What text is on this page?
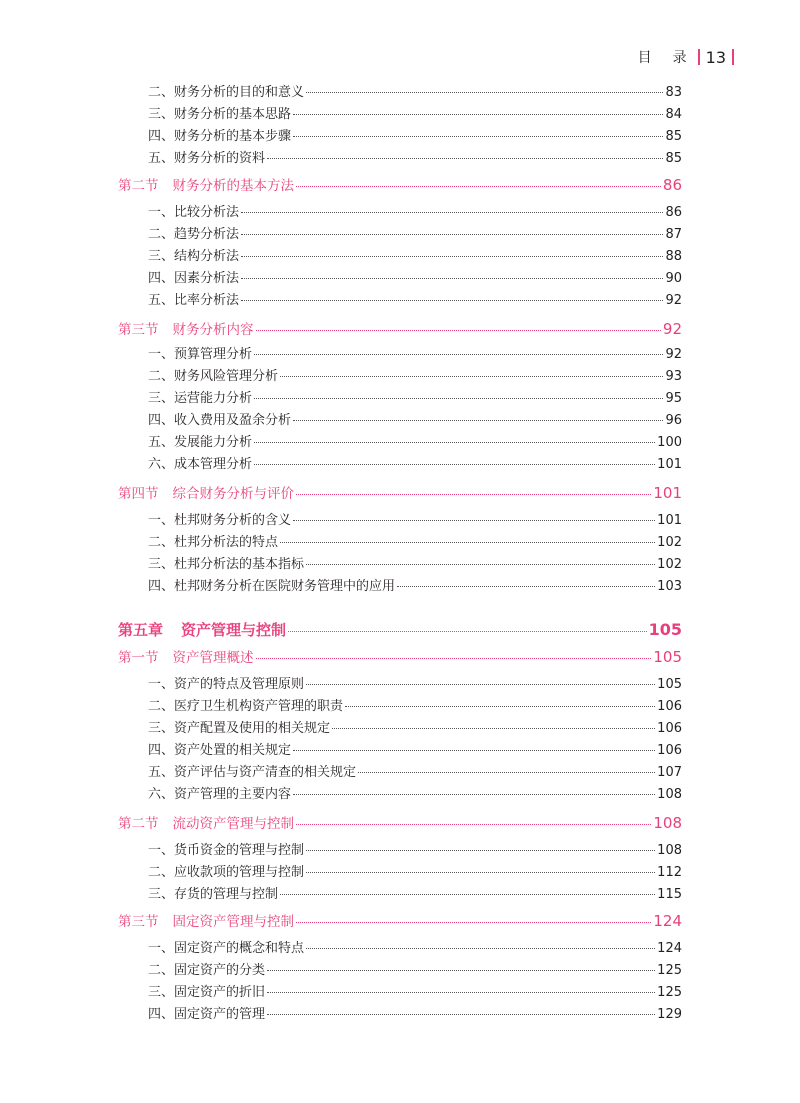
目 录 13
二、财务分析的目的和意义	83
三、财务分析的基本思路	84
四、财务分析的基本步骤	85
五、财务分析的资料	85
第二节 财务分析的基本方法	86
一、比较分析法	86
二、趋势分析法	87
三、结构分析法	88
四、因素分析法	90
五、比率分析法	92
第三节 财务分析内容	92
一、预算管理分析	92
二、财务风险管理分析	93
三、运营能力分析	95
四、收入费用及盈余分析	96
五、发展能力分析	100
六、成本管理分析	101
第四节 综合财务分析与评价	101
一、杜邦财务分析的含义	101
二、杜邦分析法的特点	102
三、杜邦分析法的基本指标	102
四、杜邦财务分析在医院财务管理中的应用	103
第五章 资产管理与控制	105
第一节 资产管理概述	105
一、资产的特点及管理原则	105
二、医疗卫生机构资产管理的职责	106
三、资产配置及使用的相关规定	106
四、资产处置的相关规定	106
五、资产评估与资产清查的相关规定	107
六、资产管理的主要内容	108
第二节 流动资产管理与控制	108
一、货币资金的管理与控制	108
二、应收款项的管理与控制	112
三、存货的管理与控制	115
第三节 固定资产管理与控制	124
一、固定资产的概念和特点	124
二、固定资产的分类	125
三、固定资产的折旧	125
四、固定资产的管理	129
